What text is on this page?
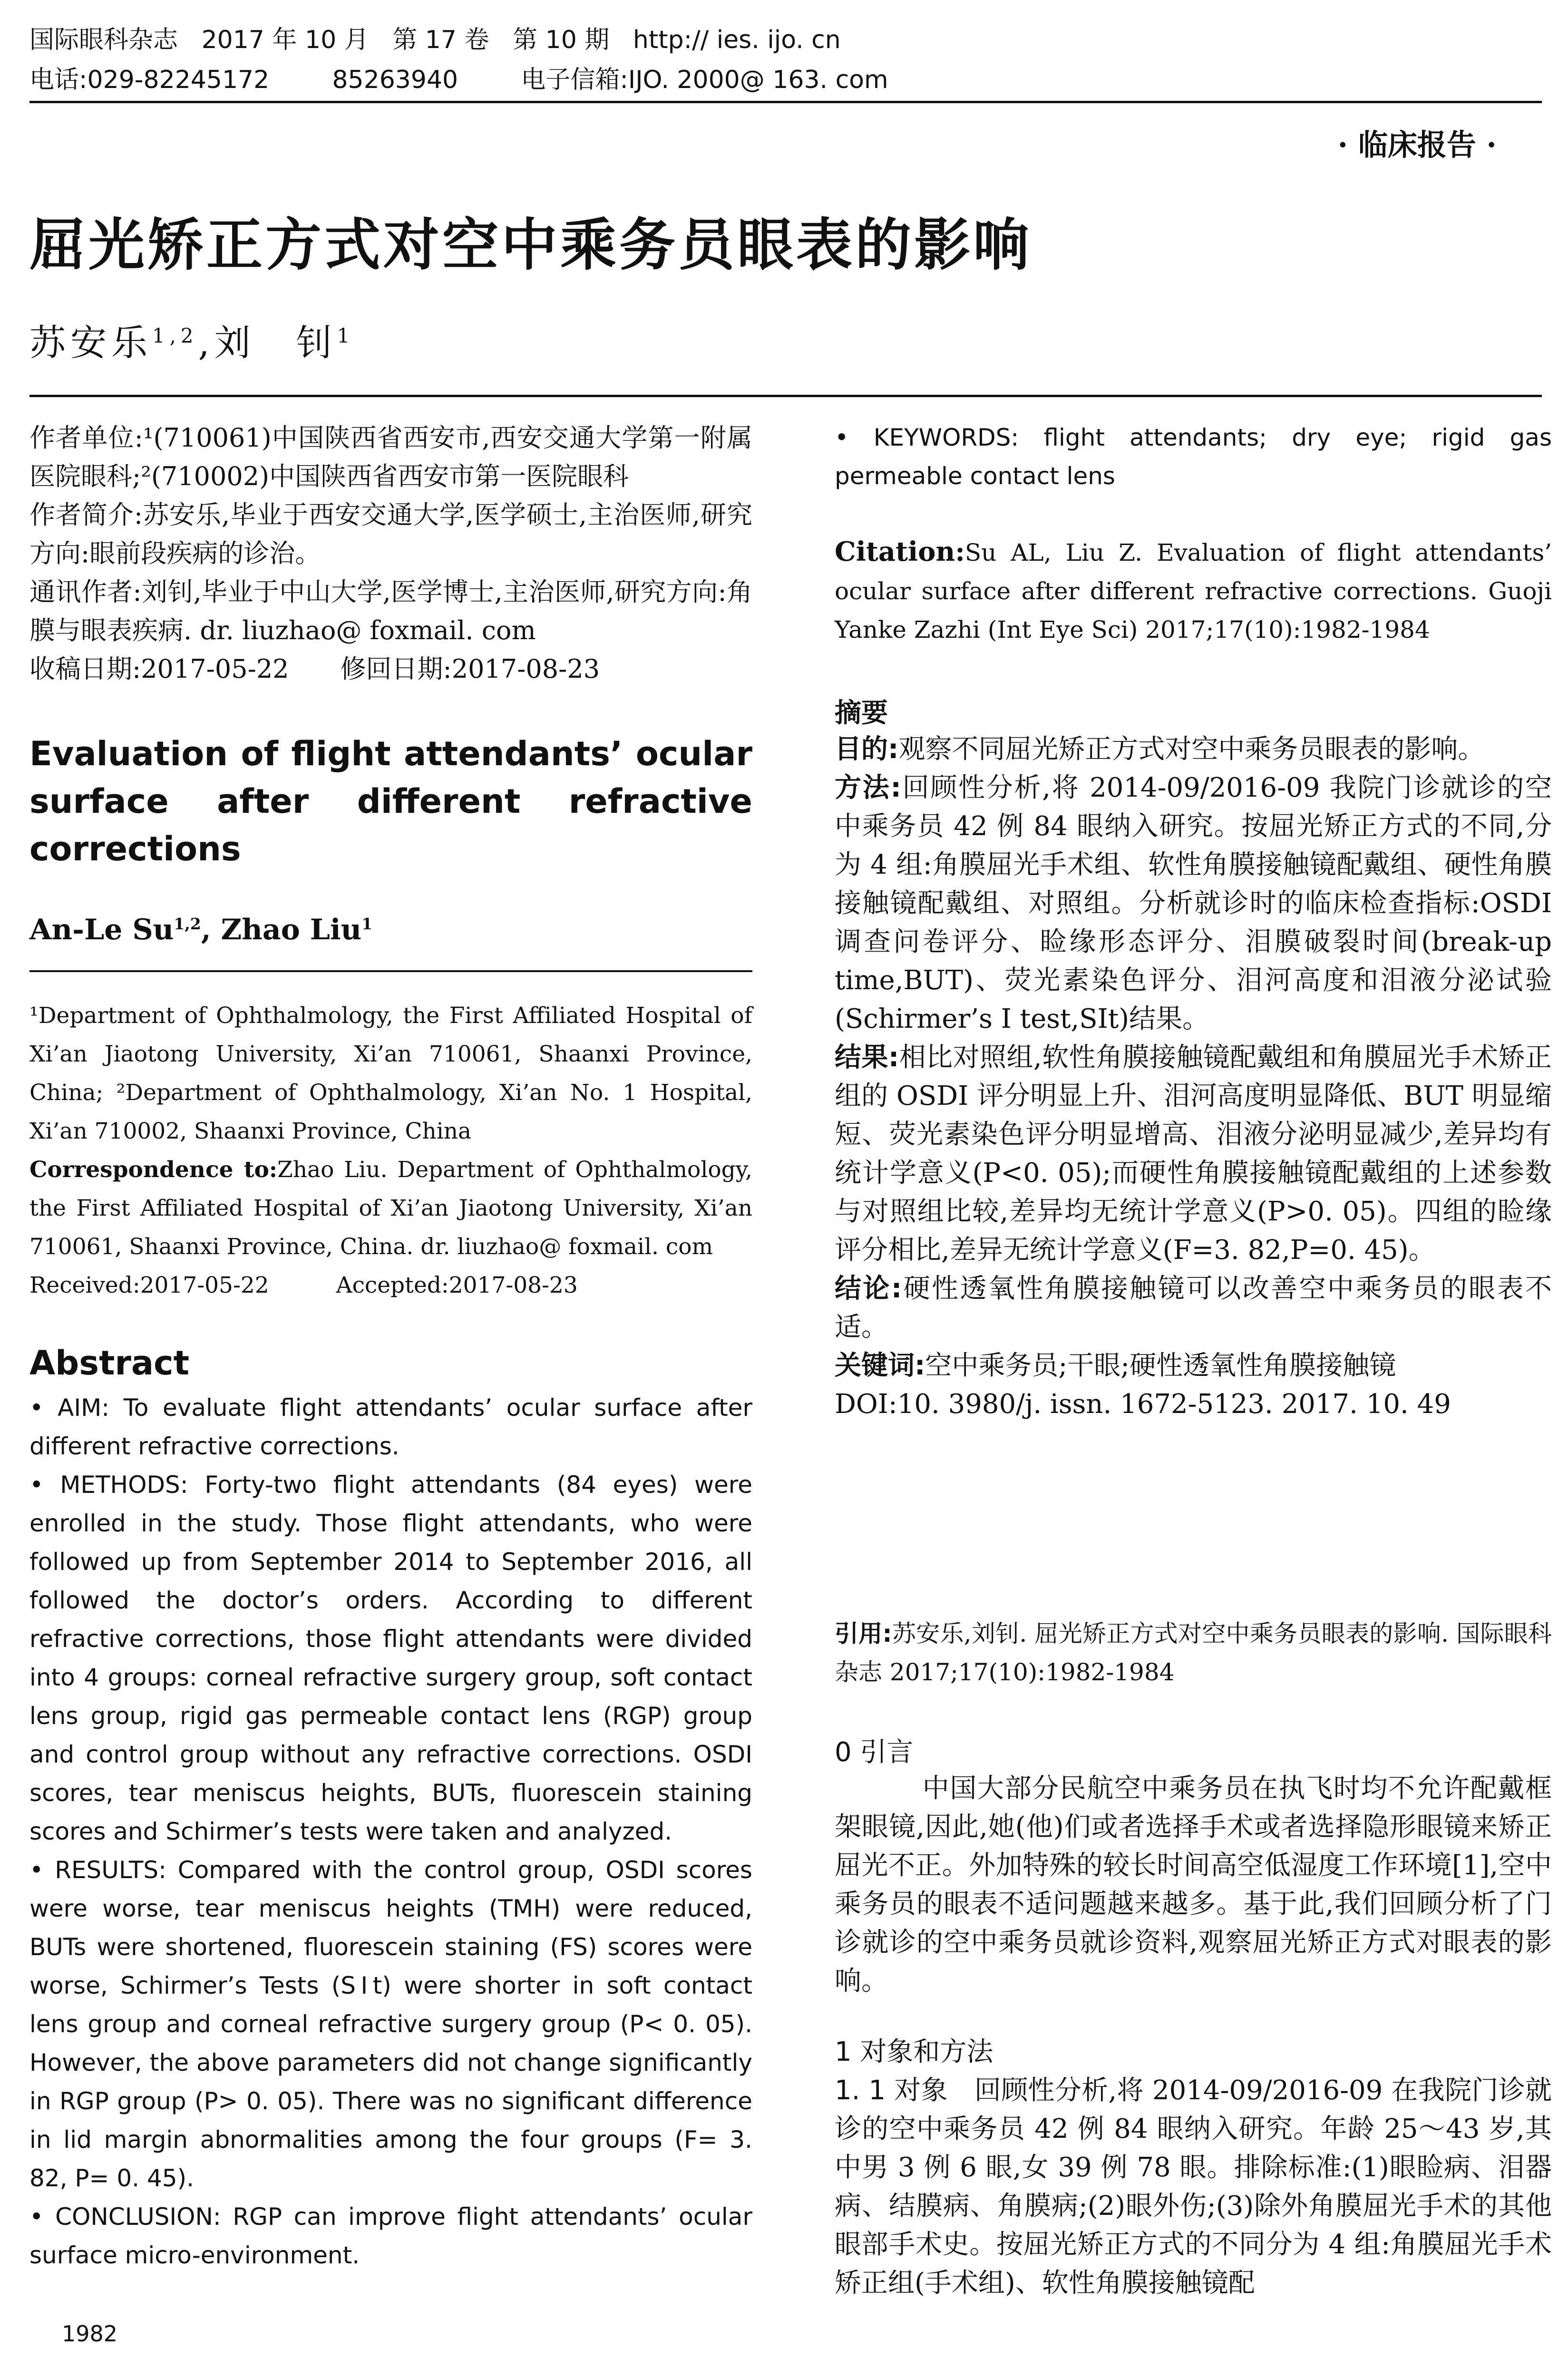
国际眼科杂志   2017 年 10 月   第 17 卷   第 10 期   http:// ies. ijo. cn
电话:029-82245172        85263940        电子信箱:IJO. 2000@ 163. com
· 临床报告 ·
屈光矫正方式对空中乘务员眼表的影响
苏安乐$^{1,2}$,刘　钊$^1$

作者单位:¹(710061)中国陕西省西安市,西安交通大学第一附属医院眼科;²(710002)中国陕西省西安市第一医院眼科

作者简介:苏安乐,毕业于西安交通大学,医学硕士,主治医师,研究方向:眼前段疾病的诊治。

通讯作者:刘钊,毕业于中山大学,医学博士,主治医师,研究方向:角膜与眼表疾病. dr. liuzhao@ foxmail. com

收稿日期:2017-05-22　　修回日期:2017-08-23

Evaluation of flight attendants’ ocular surface after different refractive corrections
An-Le Su$^{1,2}$, Zhao Liu$^1$

¹Department of Ophthalmology, the First Affiliated Hospital of Xi’an Jiaotong University, Xi’an 710061, Shaanxi Province, China; ²Department of Ophthalmology, Xi’an No. 1 Hospital, Xi’an 710002, Shaanxi Province, China

Correspondence to:Zhao Liu. Department of Ophthalmology, the First Affiliated Hospital of Xi’an Jiaotong University, Xi’an 710061, Shaanxi Province, China. dr. liuzhao@ foxmail. com

Received:2017-05-22　　　Accepted:2017-08-23

Abstract

• AIM: To evaluate flight attendants’ ocular surface after different refractive corrections.

• METHODS: Forty-two flight attendants (84 eyes) were enrolled in the study. Those flight attendants, who were followed up from September 2014 to September 2016, all followed the doctor’s orders. According to different refractive corrections, those flight attendants were divided into 4 groups: corneal refractive surgery group, soft contact lens group, rigid gas permeable contact lens (RGP) group and control group without any refractive corrections. OSDI scores, tear meniscus heights, BUTs, fluorescein staining scores and Schirmer’s tests were taken and analyzed.

• RESULTS: Compared with the control group, OSDI scores were worse, tear meniscus heights (TMH) were reduced, BUTs were shortened, fluorescein staining (FS) scores were worse, Schirmer’s Tests (SⅠt) were shorter in soft contact lens group and corneal refractive surgery group (P< 0. 05). However, the above parameters did not change significantly in RGP group (P> 0. 05). There was no significant difference in lid margin abnormalities among the four groups (F= 3. 82, P= 0. 45).

• CONCLUSION: RGP can improve flight attendants’ ocular surface micro-environment.

1982
• KEYWORDS: flight attendants; dry eye; rigid gas permeable contact lens
Citation:Su AL, Liu Z. Evaluation of flight attendants’ ocular surface after different refractive corrections. Guoji Yanke Zazhi (Int Eye Sci) 2017;17(10):1982-1984
摘要

目的:观察不同屈光矫正方式对空中乘务员眼表的影响。

方法:回顾性分析,将 2014-09/2016-09 我院门诊就诊的空中乘务员 42 例 84 眼纳入研究。按屈光矫正方式的不同,分为 4 组:角膜屈光手术组、软性角膜接触镜配戴组、硬性角膜接触镜配戴组、对照组。分析就诊时的临床检查指标:OSDI 调查问卷评分、睑缘形态评分、泪膜破裂时间(break-up time,BUT)、荧光素染色评分、泪河高度和泪液分泌试验(Schirmer’s Ⅰ test,SⅠt)结果。

结果:相比对照组,软性角膜接触镜配戴组和角膜屈光手术矫正组的 OSDI 评分明显上升、泪河高度明显降低、BUT 明显缩短、荧光素染色评分明显增高、泪液分泌明显减少,差异均有统计学意义(P<0. 05);而硬性角膜接触镜配戴组的上述参数与对照组比较,差异均无统计学意义(P>0. 05)。四组的睑缘评分相比,差异无统计学意义(F=3. 82,P=0. 45)。

结论:硬性透氧性角膜接触镜可以改善空中乘务员的眼表不适。

关键词:空中乘务员;干眼;硬性透氧性角膜接触镜

DOI:10. 3980/j. issn. 1672-5123. 2017. 10. 49

引用:苏安乐,刘钊. 屈光矫正方式对空中乘务员眼表的影响. 国际眼科杂志 2017;17(10):1982-1984
0 引言

中国大部分民航空中乘务员在执飞时均不允许配戴框架眼镜,因此,她(他)们或者选择手术或者选择隐形眼镜来矫正屈光不正。外加特殊的较长时间高空低湿度工作环境[1],空中乘务员的眼表不适问题越来越多。基于此,我们回顾分析了门诊就诊的空中乘务员就诊资料,观察屈光矫正方式对眼表的影响。

1 对象和方法

1. 1 对象 回顾性分析,将 2014-09/2016-09 在我院门诊就诊的空中乘务员 42 例 84 眼纳入研究。年龄 25～43 岁,其中男 3 例 6 眼,女 39 例 78 眼。排除标准:(1)眼睑病、泪器病、结膜病、角膜病;(2)眼外伤;(3)除外角膜屈光手术的其他眼部手术史。按屈光矫正方式的不同分为 4 组:角膜屈光手术矫正组(手术组)、软性角膜接触镜配
